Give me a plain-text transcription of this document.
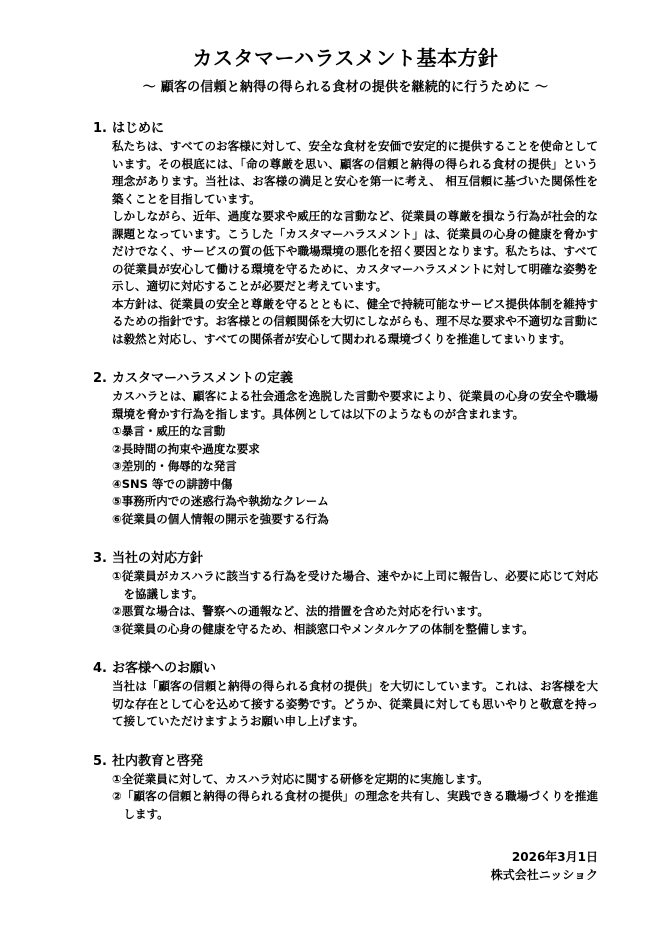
カスタマーハラスメント基本方針

～ 顧客の信頼と納得の得られる食材の提供を継続的に行うために ～

1. はじめに

私たちは、すべてのお客様に対して、安全な食材を安価で安定的に提供することを使命としています。その根底には、「命の尊厳を思い、顧客の信頼と納得の得られる食材の提供」という理念があります。当社は、お客様の満足と安心を第一に考え、 相互信頼に基づいた関係性を築くことを目指しています。

しかしながら、近年、過度な要求や威圧的な言動など、従業員の尊厳を損なう行為が社会的な課題となっています。こうした「カスタマーハラスメント」は、従業員の心身の健康を脅かすだけでなく、サービスの質の低下や職場環境の悪化を招く要因となります。私たちは、すべての従業員が安心して働ける環境を守るために、カスタマーハラスメントに対して明確な姿勢を示し、適切に対応することが必要だと考えています。

本方針は、従業員の安全と尊厳を守るとともに、健全で持続可能なサービス提供体制を維持するための指針です。お客様との信頼関係を大切にしながらも、理不尽な要求や不適切な言動には毅然と対応し、すべての関係者が安心して関われる環境づくりを推進してまいります。

2. カスタマーハラスメントの定義

カスハラとは、顧客による社会通念を逸脱した言動や要求により、従業員の心身の安全や職場環境を脅かす行為を指します。具体例としては以下のようなものが含まれます。

①暴言・威圧的な言動

②長時間の拘束や過度な要求

③差別的・侮辱的な発言

④SNS 等での誹謗中傷

⑤事務所内での迷惑行為や執拗なクレーム

⑥従業員の個人情報の開示を強要する行為

3. 当社の対応方針

①従業員がカスハラに該当する行為を受けた場合、速やかに上司に報告し、必要に応じて対応を協議します。

②悪質な場合は、警察への通報など、法的措置を含めた対応を行います。

③従業員の心身の健康を守るため、相談窓口やメンタルケアの体制を整備します。

4. お客様へのお願い

当社は「顧客の信頼と納得の得られる食材の提供」を大切にしています。これは、お客様を大切な存在として心を込めて接する姿勢です。どうか、従業員に対しても思いやりと敬意を持って接していただけますようお願い申し上げます。

5. 社内教育と啓発

①全従業員に対して、カスハラ対応に関する研修を定期的に実施します。

②「顧客の信頼と納得の得られる食材の提供」の理念を共有し、実践できる職場づくりを推進します。

2026年3月1日
株式会社ニッショク
